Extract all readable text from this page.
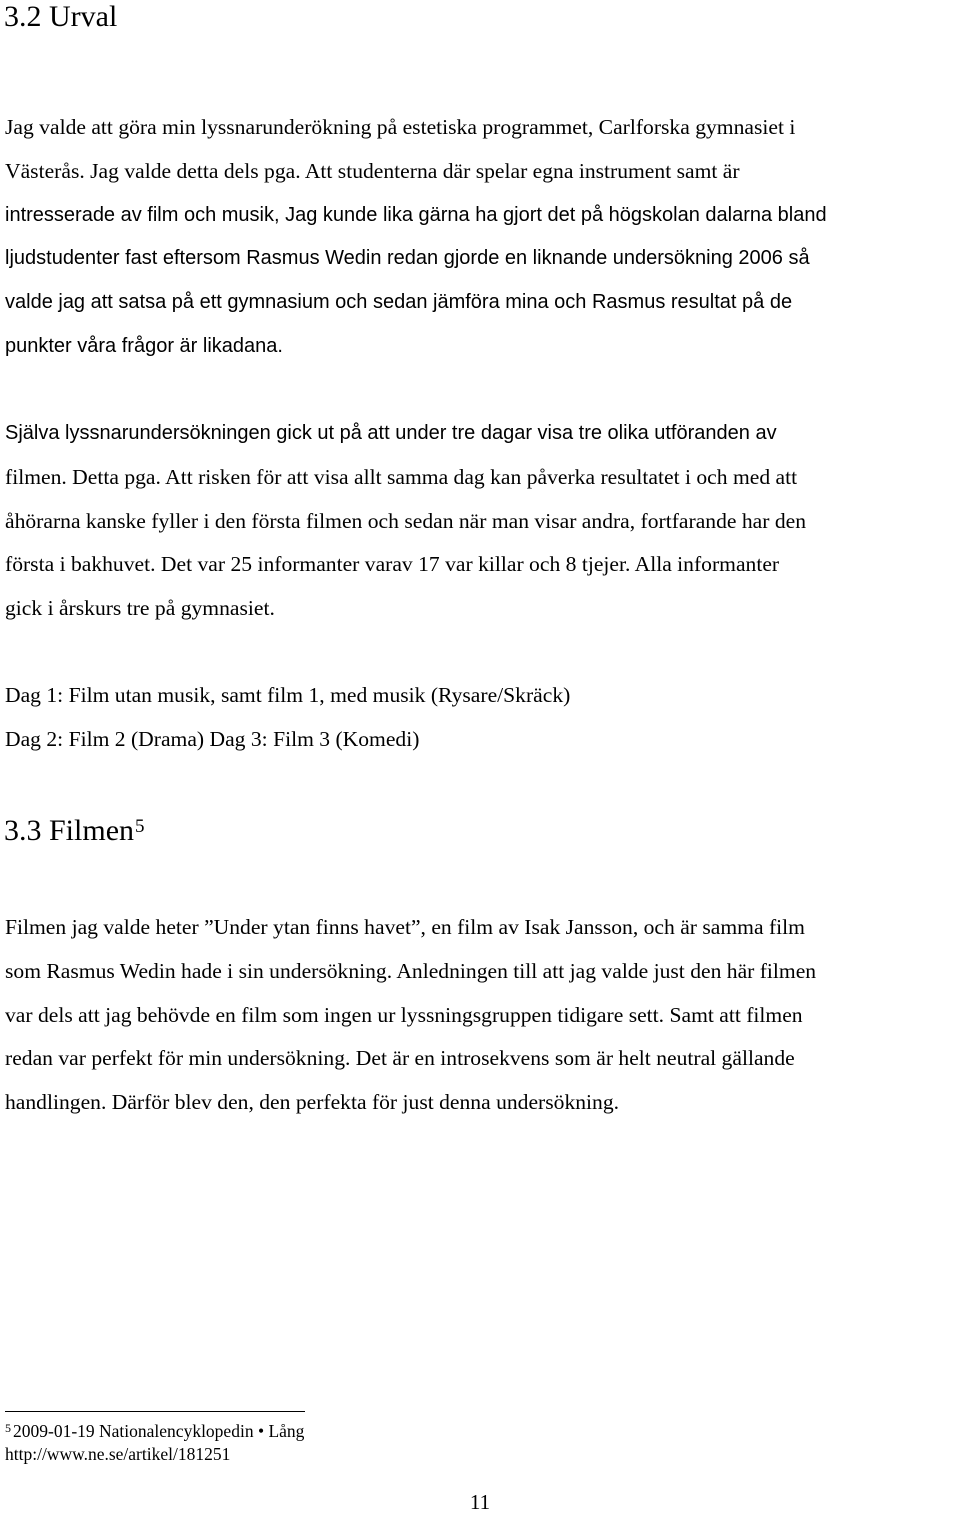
3.2 Urval

Jag valde att göra min lyssnarunderökning på estetiska programmet, Carlforska gymnasiet i
Västerås. Jag valde detta dels pga. Att studenterna där spelar egna instrument samt är
intresserade av film och musik, Jag kunde lika gärna ha gjort det på högskolan dalarna bland
ljudstudenter fast eftersom Rasmus Wedin redan gjorde en liknande undersökning 2006 så
valde jag att satsa på ett gymnasium och sedan jämföra mina och Rasmus resultat på de
punkter våra frågor är likadana.

Själva lyssnarundersökningen gick ut på att under tre dagar visa tre olika utföranden av
filmen. Detta pga. Att risken för att visa allt samma dag kan påverka resultatet i och med att
åhörarna kanske fyller i den första filmen och sedan när man visar andra, fortfarande har den
första i bakhuvet. Det var 25 informanter varav 17 var killar och 8 tjejer. Alla informanter
gick i årskurs tre på gymnasiet.

Dag 1: Film utan musik, samt film 1, med musik (Rysare/Skräck)
Dag 2: Film 2 (Drama) Dag 3: Film 3 (Komedi)

3.3 Filmen$^5$

Filmen jag valde heter ”Under ytan finns havet”, en film av Isak Jansson, och är samma film
som Rasmus Wedin hade i sin undersökning. Anledningen till att jag valde just den här filmen
var dels att jag behövde en film som ingen ur lyssningsgruppen tidigare sett. Samt att filmen
redan var perfekt för min undersökning. Det är en introsekvens som är helt neutral gällande
handlingen. Därför blev den, den perfekta för just denna undersökning.

$^5$ 2009-01-19 Nationalencyklopedin • Lång
http://www.ne.se/artikel/181251

11
